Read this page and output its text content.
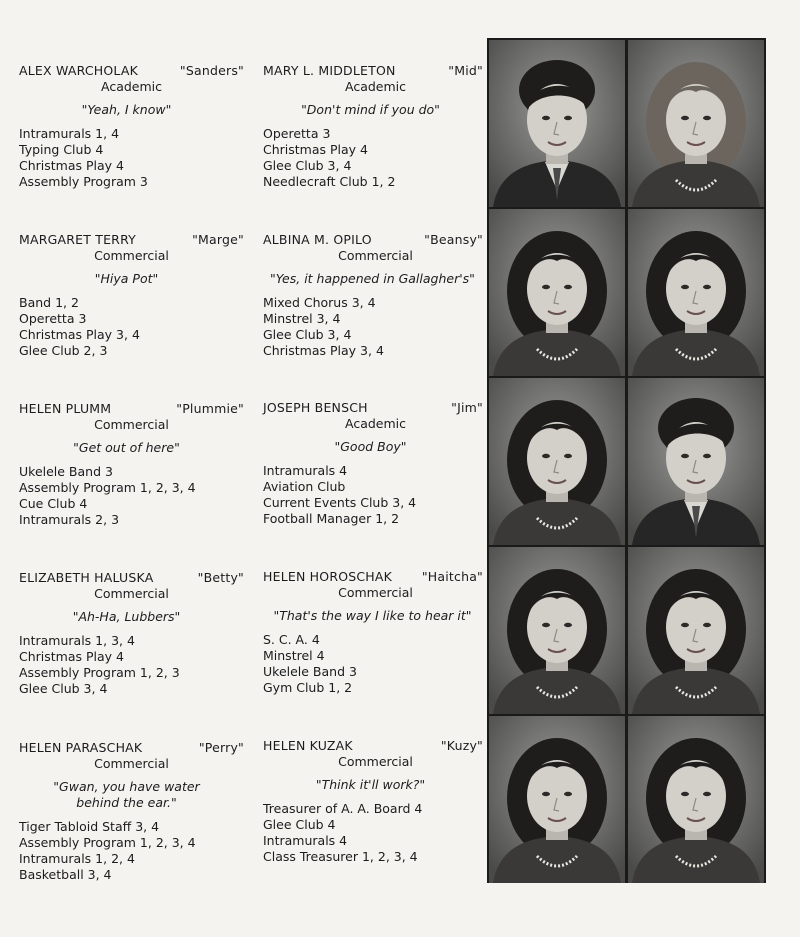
ALEX WARCHOLAK	"Sanders"
Academic
"Yeah, I know"
Intramurals 1, 4
Typing Club 4
Christmas Play 4
Assembly Program 3
MARY L. MIDDLETON	"Mid"
Academic
"Don't mind if you do"
Operetta 3
Christmas Play 4
Glee Club 3, 4
Needlecraft Club 1, 2
MARGARET TERRY	"Marge"
Commercial
"Hiya Pot"
Band 1, 2
Operetta 3
Christmas Play 3, 4
Glee Club 2, 3
ALBINA M. OPILO	"Beansy"
Commercial
"Yes, it happened in Gallagher's"
Mixed Chorus 3, 4
Minstrel 3, 4
Glee Club 3, 4
Christmas Play 3, 4
HELEN PLUMM	"Plummie"
Commercial
"Get out of here"
Ukelele Band 3
Assembly Program 1, 2, 3, 4
Cue Club 4
Intramurals 2, 3
JOSEPH BENSCH	"Jim"
Academic
"Good Boy"
Intramurals 4
Aviation Club
Current Events Club 3, 4
Football Manager 1, 2
ELIZABETH HALUSKA	"Betty"
Commercial
"Ah-Ha, Lubbers"
Intramurals 1, 3, 4
Christmas Play 4
Assembly Program 1, 2, 3
Glee Club 3, 4
HELEN HOROSCHAK "Haitcha"
Commercial
"That's the way I like to hear it"
S. C. A. 4
Minstrel 4
Ukelele Band 3
Gym Club 1, 2
HELEN PARASCHAK	"Perry"
Commercial
"Gwan, you have water behind the ear."
Tiger Tabloid Staff 3, 4
Assembly Program 1, 2, 3, 4
Intramurals 1, 2, 4
Basketball 3, 4
HELEN KUZAK	"Kuzy"
Commercial
"Think it'll work?"
Treasurer of A. A. Board 4
Glee Club 4
Intramurals 4
Class Treasurer 1, 2, 3, 4
